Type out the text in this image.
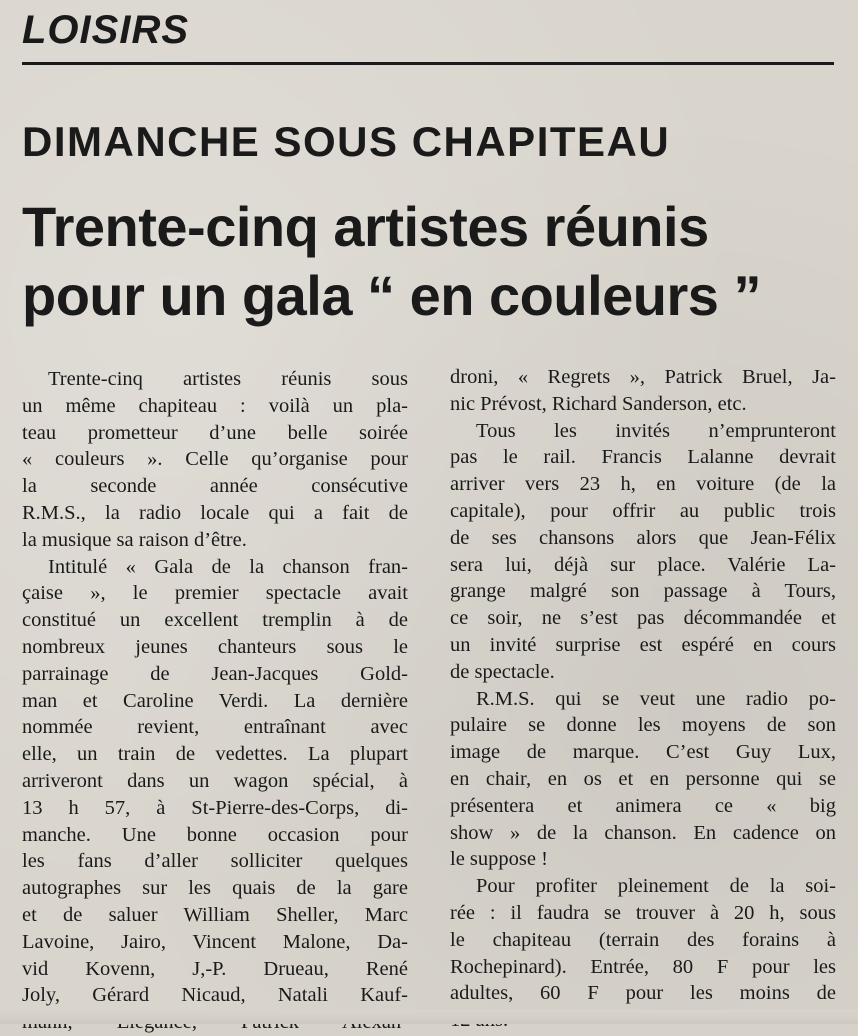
LOISIRS
DIMANCHE SOUS CHAPITEAU
Trente-cinq artistes réunis
pour un gala “ en couleurs ”

Trente-cinq artistes réunis sous

un même chapiteau : voilà un pla-

teau prometteur d’une belle soirée

« couleurs ». Celle qu’organise pour

la seconde année consécutive

R.M.S., la radio locale qui a fait de

la musique sa raison d’être.

Intitulé « Gala de la chanson fran-

çaise », le premier spectacle avait

constitué un excellent tremplin à de

nombreux jeunes chanteurs sous le

parrainage de Jean-Jacques Gold-

man et Caroline Verdi. La dernière

nommée revient, entraînant avec

elle, un train de vedettes. La plupart

arriveront dans un wagon spécial, à

13 h 57, à St-Pierre-des-Corps, di-

manche. Une bonne occasion pour

les fans d’aller solliciter quelques

autographes sur les quais de la gare

et de saluer William Sheller, Marc

Lavoine, Jairo, Vincent Malone, Da-

vid Kovenn, J,-P. Drueau, René

Joly, Gérard Nicaud, Natali Kauf-

droni, « Regrets », Patrick Bruel, Ja-

nic Prévost, Richard Sanderson, etc.

Tous les invités n’emprunteront

pas le rail. Francis Lalanne devrait

arriver vers 23 h, en voiture (de la

capitale), pour offrir au public trois

de ses chansons alors que Jean-Félix

sera lui, déjà sur place. Valérie La-

grange malgré son passage à Tours,

ce soir, ne s’est pas décommandée et

un invité surprise est espéré en cours

de spectacle.

R.M.S. qui se veut une radio po-

pulaire se donne les moyens de son

image de marque. C’est Guy Lux,

en chair, en os et en personne qui se

présentera et animera ce « big

show » de la chanson. En cadence on

le suppose !

Pour profiter pleinement de la soi-

rée : il faudra se trouver à 20 h, sous

le chapiteau (terrain des forains à

Rochepinard). Entrée, 80 F pour les

adultes, 60 F pour les moins de
